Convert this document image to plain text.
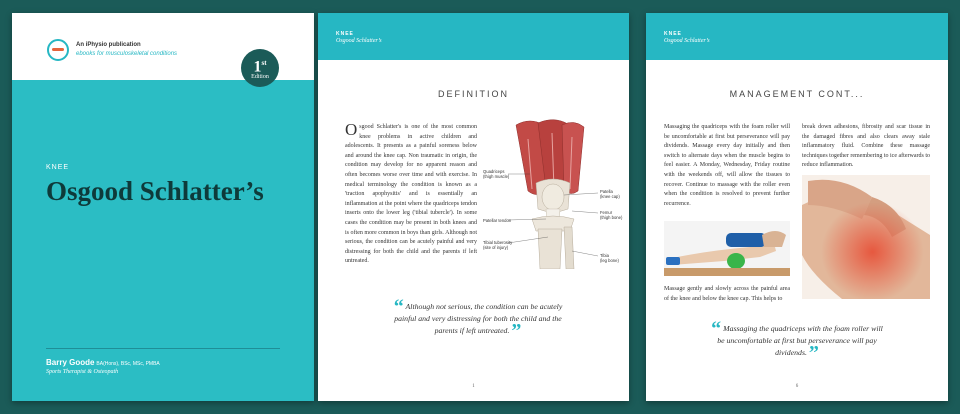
An iPhysio publication
ebooks for musculoskeletal conditions
1st
Edition
KNEE
Osgood Schlatter’s
Barry Goode BA(Hons), BSc, MSc, PMBA
Sports Therapist & Osteopath
KNEE
Osgood Schlatter’s
DEFINITION
Osgood Schlatter's is one of the most common knee problems in active children and adolescents. It presents as a painful soreness below and around the knee cap. Non traumatic in origin, the condition may develop for no apparent reason and often becomes worse over time and with exercise. In medical terminology the condition is known as a 'traction apophysitis' and is essentially an inflammation at the point where the quadriceps tendon inserts onto the lower leg ('tibial tubercle'). In some cases the condition may be present in both knees and is often more common in boys than girls. Although not serious, the condition can be acutely painful and very distressing for both the child and the parents if left untreated.
Quadriceps
(thigh muscle)
Patella
(knee cap)
Patellar tendon
Femur
(thigh bone)
Tibial tuberosity
(site of injury)
Tibia
(leg bone)
“ Although not serious, the condition can be acutely painful and very distressing for both the child and the parents if left untreated. ”
1
KNEE
Osgood Schlatter’s
MANAGEMENT CONT...
Massaging the quadriceps with the foam roller will be uncomfortable at first but perseverance will pay dividends. Massage every day initially and then switch to alternate days when the muscle begins to feel easier. A Monday, Wednesday, Friday routine with the weekends off, will allow the tissues to recover. Continue to massage with the roller even when the condition is resolved to prevent further recurrence.
Massage gently and slowly across the painful area of the knee and below the knee cap. This helps to
break down adhesions, fibrosity and scar tissue in the damaged fibres and also clears away stale inflammatory fluid. Combine these massage techniques together remembering to ice afterwards to reduce inflammation.
“ Massaging the quadriceps with the foam roller will be uncomfortable at first but perseverance will pay dividends. ”
6
